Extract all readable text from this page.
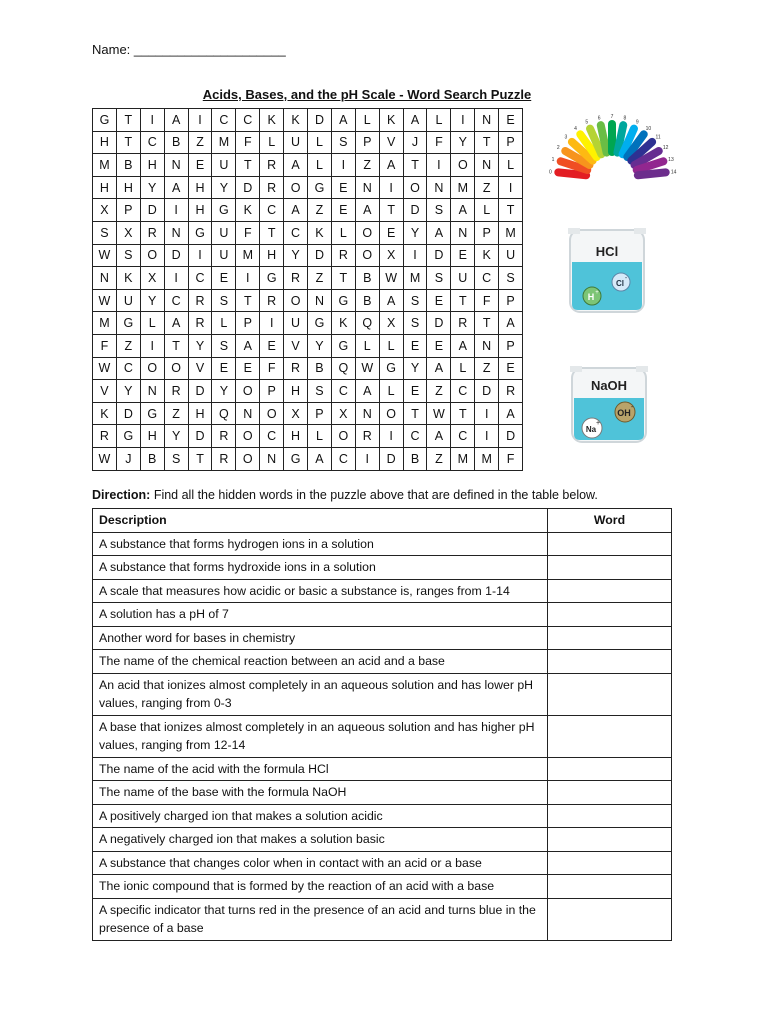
Name: _____________________
Acids, Bases, and the pH Scale - Word Search Puzzle
G	T	I	A	I	C	C	K	K	D	A	L	K	A	L	I	N	E
H	T	C	B	Z	M	F	L	U	L	S	P	V	J	F	Y	T	P
M	B	H	N	E	U	T	R	A	L	I	Z	A	T	I	O	N	L
H	H	Y	A	H	Y	D	R	O	G	E	N	I	O	N	M	Z	I
X	P	D	I	H	G	K	C	A	Z	E	A	T	D	S	A	L	T
S	X	R	N	G	U	F	T	C	K	L	O	E	Y	A	N	P	M
W	S	O	D	I	U	M	H	Y	D	R	O	X	I	D	E	K	U
N	K	X	I	C	E	I	G	R	Z	T	B	W	M	S	U	C	S
W	U	Y	C	R	S	T	R	O	N	G	B	A	S	E	T	F	P
M	G	L	A	R	L	P	I	U	G	K	Q	X	S	D	R	T	A
F	Z	I	T	Y	S	A	E	V	Y	G	L	L	E	E	A	N	P
W	C	O	O	V	E	E	F	R	B	Q	W	G	Y	A	L	Z	E
V	Y	N	R	D	Y	O	P	H	S	C	A	L	E	Z	C	D	R
K	D	G	Z	H	Q	N	O	X	P	X	N	O	T	W	T	I	A
R	G	H	Y	D	R	O	C	H	L	O	R	I	C	A	C	I	D
W	J	B	S	T	R	O	N	G	A	C	I	D	B	Z	M	M	F
0
1
2
3
4
5
6 7 8
9
10
11
12
13
14
HCl
H +
Cl
-
NaOH
OH
-
Na
+
Direction: Find all the hidden words in the puzzle above that are defined in the table below.
Description	Word
A substance that forms hydrogen ions in a solution	
A substance that forms hydroxide ions in a solution	
A scale that measures how acidic or basic a substance is, ranges from 1-14	
A solution has a pH of 7	
Another word for bases in chemistry	
The name of the chemical reaction between an acid and a base	
An acid that ionizes almost completely in an aqueous solution and has lower pH values, ranging from 0-3	
A base that ionizes almost completely in an aqueous solution and has higher pH values, ranging from 12-14	
The name of the acid with the formula HCl	
The name of the base with the formula NaOH	
A positively charged ion that makes a solution acidic	
A negatively charged ion that makes a solution basic	
A substance that changes color when in contact with an acid or a base	
The ionic compound that is formed by the reaction of an acid with a base	
A specific indicator that turns red in the presence of an acid and turns blue in the presence of a base	
